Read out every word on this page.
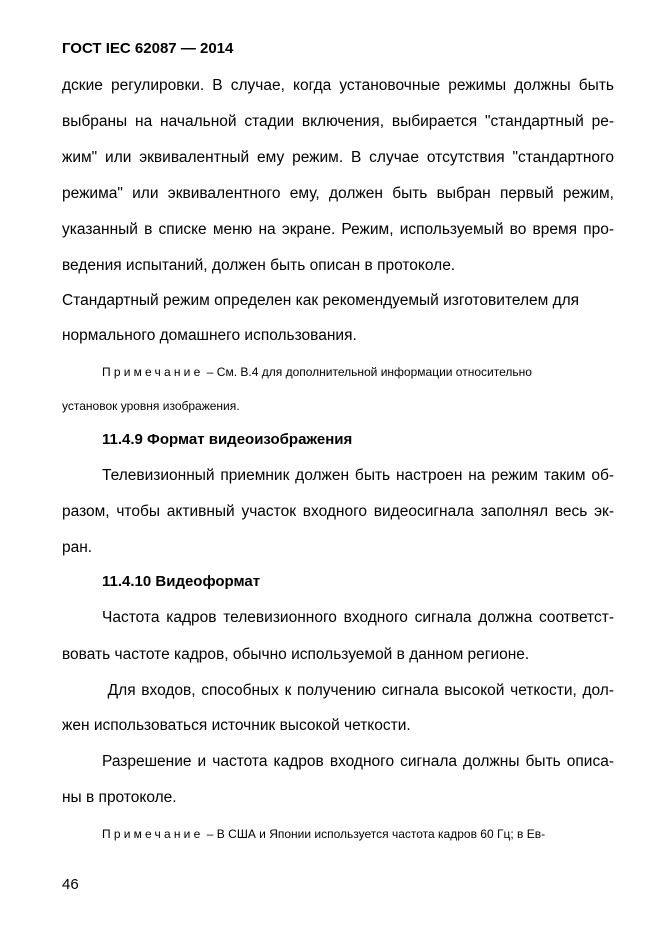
ГОСТ IEC 62087 — 2014
дские регулировки. В случае, когда установочные режимы должны быть
выбраны на начальной стадии включения, выбирается "стандартный ре-
жим" или эквивалентный ему режим. В случае отсутствия "стандартного
режима" или эквивалентного ему, должен быть выбран первый режим,
указанный в списке меню на экране. Режим, используемый во время про-
ведения испытаний, должен быть описан в протоколе.
Стандартный режим определен как рекомендуемый изготовителем для
нормального домашнего использования.
Примечание – См. В.4 для дополнительной информации относительно
установок уровня изображения.
11.4.9 Формат видеоизображения
Телевизионный приемник должен быть настроен на режим таким об-
разом, чтобы активный участок входного видеосигнала заполнял весь эк-
ран.
11.4.10 Видеоформат
Частота кадров телевизионного входного сигнала должна соответст-
вовать частоте кадров, обычно используемой в данном регионе.
Для входов, способных к получению сигнала высокой четкости, дол-
жен использоваться источник высокой четкости.
Разрешение и частота кадров входного сигнала должны быть описа-
ны в протоколе.
Примечание – В США и Японии используется частота кадров 60 Гц; в Ев-
46
